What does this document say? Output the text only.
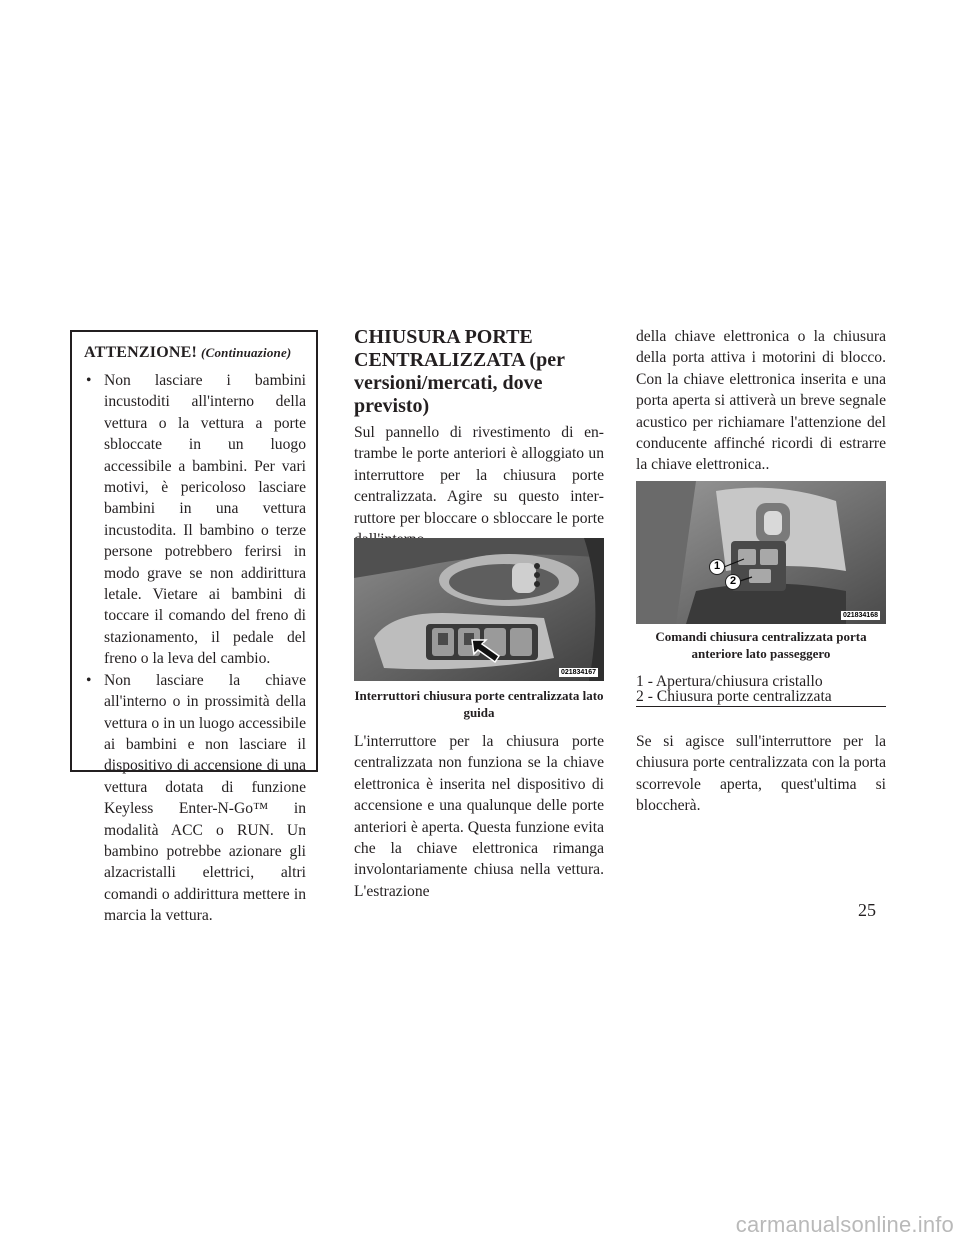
ATTENZIONE! (Continuazione)
• Non lasciare i bambini incustoditi all'interno della vettura o la vettura a porte sbloccate in un luogo accessibile a bambini. Per vari motivi, è pericoloso lasciare bambini in una vettura incustodita. Il bambino o terze persone potrebbero ferirsi in modo grave se non addirittura letale. Vietare ai bambini di toccare il comando del freno di stazionamento, il pedale del freno o la leva del cambio.
• Non lasciare la chiave all'interno o in prossimità della vettura o in un luogo accessibile ai bambini e non lasciare il dispositivo di accensione di una vettura dotata di funzione Keyless Enter-N-Go™ in modalità ACC o RUN. Un bambino potrebbe azionare gli alzacristalli elettrici, altri comandi o addirittura mettere in marcia la vettura.
CHIUSURA PORTE CENTRALIZZATA (per versioni/mercati, dove previsto)
Sul pannello di rivestimento di entrambe le porte anteriori è alloggiato un interruttore per la chiusura porte centralizzata. Agire su questo interruttore per bloccare o sbloccare le porte
021834167
Interruttori chiusura porte centralizzata lato guida
L'interruttore per la chiusura porte centralizzata non funziona se la chiave elettronica è inserita nel dispositivo di accensione e una qualunque delle porte anteriori è aperta. Questa funzione evita che la chiave elettronica rimanga involontariamente chiusa nella vettura. L'estrazione
della chiave elettronica o la chiusura della porta attiva i motorini di blocco. Con la chiave elettronica inserita e una porta aperta si attiverà un breve segnale acustico per richiamare l'attenzione del conducente affinché ricordi di estrarre la chiave elettronica..
1
2
021834168
Comandi chiusura centralizzata porta anteriore lato passeggero
1 - Apertura/chiusura cristallo
2 - Chiusura porte centralizzata
Se si agisce sull'interruttore per la chiusura porte centralizzata con la porta scorrevole aperta, quest'ultima si bloccherà.
25
carmanualsonline.info
